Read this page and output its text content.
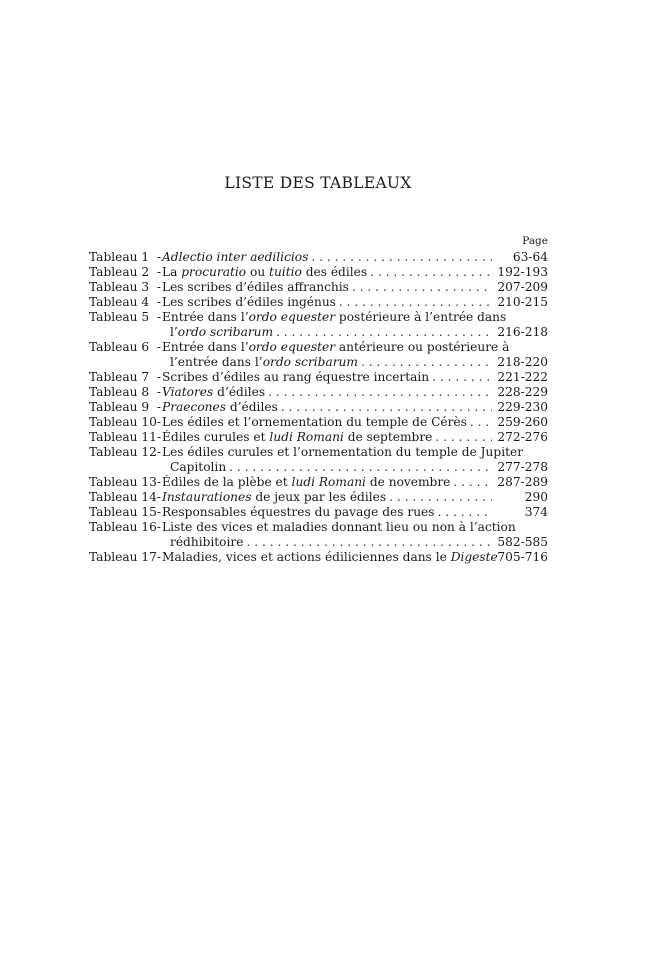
LISTE DES TABLEAUX
Page
Tableau 1 - Adlectio inter aedilicios . . .	63-64
Tableau 2 - La procuratio ou tuitio des édiles . . .	192-193
Tableau 3 - Les scribes d’édiles affranchis . . .	207-209
Tableau 4 - Les scribes d’édiles ingénus . . .	210-215
Tableau 5 - Entrée dans l’ordo equester postérieure à l’entrée dans
l’ordo scribarum . . .	216-218
Tableau 6 - Entrée dans l’ordo equester antérieure ou postérieure à
l’entrée dans l’ordo scribarum . . .	218-220
Tableau 7 - Scribes d’édiles au rang équestre incertain . . .	221-222
Tableau 8 - Viatores d’édiles . . .	228-229
Tableau 9 - Praecones d’édiles . . .	229-230
Tableau 10- Les édiles et l’ornementation du temple de Cérès . . .	259-260
Tableau 11- Édiles curules et ludi Romani de septembre . . .	272-276
Tableau 12- Les édiles curules et l’ornementation du temple de Jupiter
Capitolin . . .	277-278
Tableau 13- Édiles de la plèbe et ludi Romani de novembre . . .	287-289
Tableau 14- Instaurationes de jeux par les édiles . . .	290
Tableau 15- Responsables équestres du pavage des rues . . .	374
Tableau 16- Liste des vices et maladies donnant lieu ou non à l’action
rédhibitoire . . .	582-585
Tableau 17- Maladies, vices et actions édiliciennes dans le Digeste . . . 705-716
